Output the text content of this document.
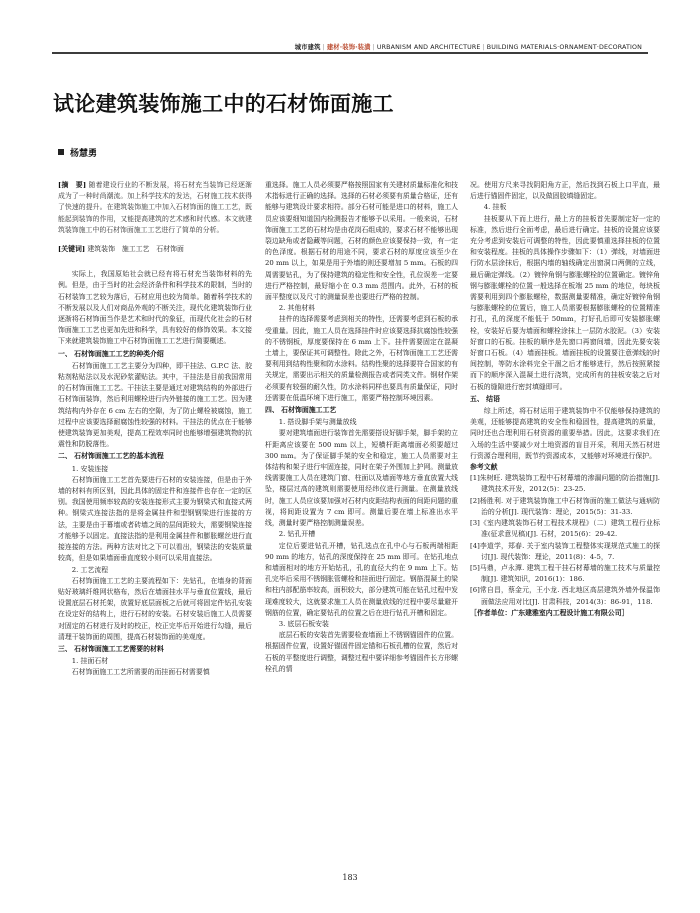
城市建筑 | 建材·装饰·装潢 | URBANISM AND ARCHITECTURE | BUILDING MATERIALS·ORNAMENT·DECORATION
试论建筑装饰施工中的石材饰面施工
杨慧勇

[摘　要] 随着建设行业的不断发展，将石材充当装饰已经逐渐成为了一种时尚潮流。加上科学技术的发达，石材施工技术获得了快速的提升。在建筑装饰施工中加入石材饰面的施工工艺，既能起到装饰的作用，又能提高建筑的艺术感和时代感。本文就建筑装饰施工中的石材饰面施工工艺进行了简单的分析。

[关键词] 建筑装饰　施工工艺　石材饰面

实际上，我国原始社会就已经有将石材充当装饰材料的先例。但是，由于当时的社会经济条件和科学技术的限制，当时的石材装饰工艺较为落后，石材应用也较为简单。随着科学技术的不断发展以及人们对商品外观的不断关注，现代化建筑装饰行业逐渐将石材饰面当作是艺术和时代的象征，而现代化社会的石材饰面施工工艺也更加先进和科学，具有较好的修饰效果。本文接下来就建筑装饰施工中石材饰面施工工艺进行简要概述。

一、 石材饰面施工工艺的种类介绍

石材饰面施工工艺主要分为四种，即干挂法、G.P.C 法、胶粘剂粘贴法以及水泥砂浆灌贴法。其中，干挂法是目前我国常用的石材饰面施工工艺。干挂法主要是通过对建筑结构的外部进行石材饰面装饰，然后利用螺栓进行内外链接的施工工艺。因为建筑结构内外存在 6 cm 左右的空隙，为了防止螺栓被腐蚀，施工过程中应该要选择耐腐蚀性较强的材料。干挂法的优点在于能够使建筑装饰更加美观，提高工程效率同时也能够增强建筑物的抗震性和防脱落性。

二、 石材饰面施工工艺的基本流程

1. 安装连接

石材饰面施工工艺首先要进行石材的安装连接，但是由于外墙的材料有所区别，因此具体的固定件和连接件也存在一定的区别。我国使用频率较高的安装连接形式主要为钢梁式和直接式两种。钢梁式连接法指的是将金属挂件和型钢钢梁进行连接的方法，主要是由于幕墙或者砖墙之间的层间距较大，需要钢梁连接才能够予以固定。直接法指的是利用金属挂件和膨胀螺丝进行直接连接的方法。两种方法对比之下可以看出，钢梁法的安装质量较高，但是如果墙面垂直度较小则可以采用直接法。

2. 工艺流程

石材饰面施工工艺的主要流程如下：先钻孔，在墙身的背面贴好玻璃纤维网状格布，然后在墙面挂水平与垂直位置线，最后设置底层石材托架，放置好底层面板之后就可将固定件钻孔安装在设定好的结构上，进行石材的安装。石材安装后施工人员需要对固定的石材进行及时的校正，校正完毕后开始进行勾缝，最后清理干装饰面的周围，提高石材装饰面的美观度。

三、 石材饰面施工工艺需要的材料

1. 挂面石材

石材饰面施工工艺所需要的而挂面石材需要慎

重选择。施工人员必须要严格按照国家有关建材质量标准化和技术指标进行正确的选择。选择的石材必须要有质量合格证，还有能够与建筑设计要求相符。部分石材可能是进口的材料，施工人员应该要细知道国内检测报告才能够予以采用。一般来说，石材饰面施工工艺的石材均是由花岗石组成的，要求石材不能够出现裂边缺角或者隐藏等问题，石材的颜色应该要保持一致，有一定的色泽度。根据石材的用途不同，要求石材的厚度应该至少在 20 mm 以上，如果是用于外墙的则还要增加 5 mm。石板的四周需要钻孔，为了保持建筑的稳定性和安全性，孔位误差一定要进行严格控制，最好缩小在 0.3 mm 范围内。此外，石材的板面平整度以及尺寸的测量误差也要进行严格的控制。

2. 其他材料

挂件的选择需要考虑到相关的特性，还需要考虑到石板的承受重量。因此，施工人员在选择挂件时应该要选择抗腐蚀性较强的不锈钢板，厚度要保持在 6 mm 上下。挂件需要固定在混凝土墙上，要保证其可调整性。除此之外，石材饰面施工工艺还需要利用到结构性聚和防水涂料。结构性聚的选择要符合国家的有关规定，需要出示相关的质量检测报告或者同类文件。钢材作架必须要有较强的耐久性，防水涂料同样也要具有质量保证，同时还需要在低温环境下进行施工，需要严格控制环境因素。

四、 石材饰面施工工艺

1. 搭设脚手架与测量放线

要对建筑墙面进行装饰首先需要搭设好脚手架，脚手架的立杆距离应该要在 500 mm 以上，短横杆距离墙面必须要超过 300 mm。为了保证脚手架的安全和稳定，施工人员需要对主体结构和架子进行牢固连接，同时在架子外围加上护网。测量放线需要施工人员在建筑门窗、柱面以及墙面等地方垂直放置大线坠，楼层过高的建筑则需要使用经纬仪进行测量。在测量放线时，施工人员应该要加强对石材内皮距结构表面的间距问题的重视，将间距设置为 7 cm 即可。测量后要在墙上标准出水平线，测量时要严格控制测量误差。

2. 钻孔开槽

定位后要进钻孔开槽，钻孔选点在孔中心与石板两端相距 90 mm 的地方，钻孔的深度保持在 25 mm 即可。在钻孔地点和墙面相对的地方开始钻孔，孔的直径大约在 9 mm 上下。钻孔完毕后采用不锈钢胀管螺栓和挂面进行固定。钢筋混凝土的梁和柱内部配筋率较高，面积较大，部分建筑可能在钻孔过程中发现难度较大，这就要求施工人员在测量放线的过程中要尽量避开钢筋的位置，确定要钻孔的位置之后在进行钻孔开槽和固定。

3. 底层石板安装

底层石板的安装首先需要检查墙面上不锈钢锚固件的位置。根据固件位置，设置好锚固件固定锚和石板孔槽的位置，然后对石板的平整度进行调整，调整过程中要详细参考锚固件长方形螺栓孔的情

况。使用方尺来寻找阴阳角方正，然后找到石板上口平直，最后进行锚固件固定，以及做固胶填缝固定。

4. 挂板

挂板要从下而上进行，最上方的挂板首先要制定好一定的标准，然后进行全面考虑，最后进行确定。挂板的设置应该要充分考虑到安装后可调整的特性，因此要慎重选择挂板的位置和安装程度。挂板的具体操作步骤如下：（1）弹线，对墙面进行防水层涂抹后，根据内墙的轴线确定出窗洞口两侧的立线，最后确定弹线。（2）镀锌角钢与膨胀螺栓的位置确定。镀锌角钢与膨胀螺栓的位置一般选择在板端 25 mm 的地位，每块板需要利用到四个膨胀螺栓，数据测量要精准，确定好镀锌角钢与膨胀螺栓的位置后，施工人员需要根据膨胀螺栓的位置精准打孔，孔的深度不能低于 50mm，打好孔后即可安装膨胀螺栓，安装好后要为墙面和螺栓涂抹上一层防水胶泥。（3）安装好窗口的石板。挂板的顺序是先窗口再窗间墙，因此先要安装好窗口石板。（4）墙面挂板。墙面挂板的设置要注意弹线的时间控制，等防水涂料完全干涸之后才能够进行，然后按照紧接而下的顺序深入混凝土进行浇筑，完成所有的挂板安装之后对石板的缝隙进行密封填缝即可。

五、 结语

综上所述，将石材运用于建筑装饰中不仅能够保持建筑的美观，还能够提高建筑的安全性和稳固性，提高建筑的质量，同时还也合理利用石材资源的重要举措。因此，这要求我们在入场的生活中要减少对土地资源的盲目开采，利用天然石材进行资源合理利用，既节约资源成本，又能够对环境进行保护。

参考文献

[1]朱树旺. 建筑装饰工程中石材幕墙的渗漏问题的防治措施[J]. 建筑技术开发，2012(5)：23-25.

[2]杨胜利. 对于建筑装饰施工中石材饰面的施工做法与通病防治的分析[J]. 现代装饰：理论，2015(5)：31-33.

[3]《室内建筑装饰石材工程技术规程》（二）建筑工程行业标准(征求意见稿)[J]. 石材，2015(6)：29-42.

[4]李道学，郑春. 关于室内装饰工程整体实现规范式施工的探讨[J]. 现代装饰：理论，2011(8)：4-5，7.

[5]马鼎，卢永潭. 建筑工程干挂石材幕墙的施工技术与质量控制[J]. 建筑知识，2016(1)：186.

[6]常自昌，蔡金元，王小龙. 西北地区高层建筑外墙外保温饰面做法应用对比[J]. 甘肃科技，2014(3)：86-91，118.

［作者单位：广东建雅室内工程设计施工有限公司］

183
